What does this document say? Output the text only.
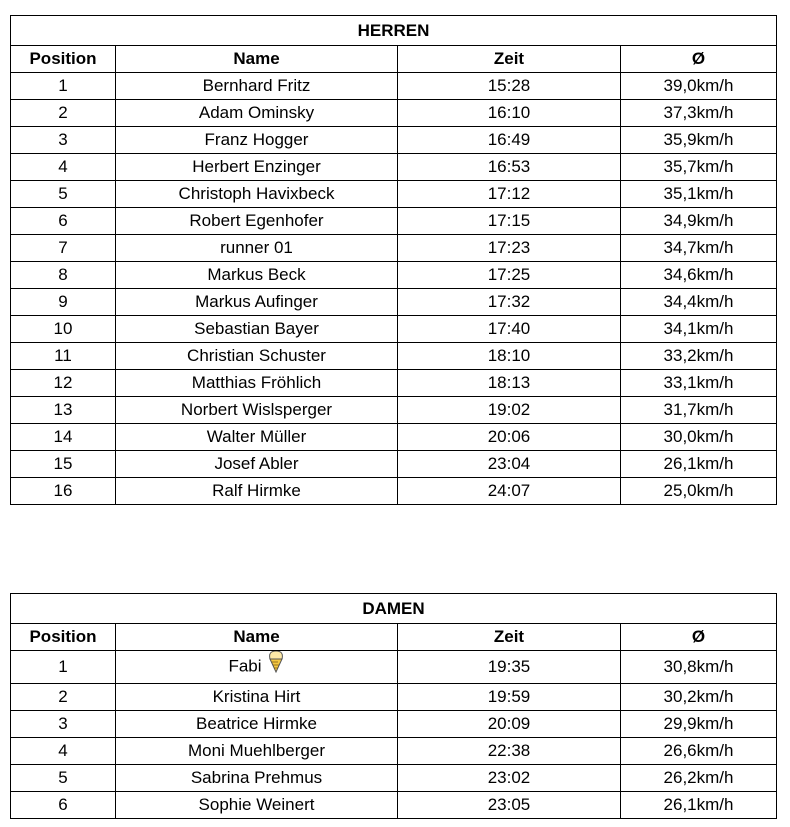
HERREN			
Position	Name	Zeit	Ø
1	Bernhard Fritz	15:28	39,0km/h
2	Adam Ominsky	16:10	37,3km/h
3	Franz Hogger	16:49	35,9km/h
4	Herbert Enzinger	16:53	35,7km/h
5	Christoph Havixbeck	17:12	35,1km/h
6	Robert Egenhofer	17:15	34,9km/h
7	runner 01	17:23	34,7km/h
8	Markus Beck	17:25	34,6km/h
9	Markus Aufinger	17:32	34,4km/h
10	Sebastian Bayer	17:40	34,1km/h
11	Christian Schuster	18:10	33,2km/h
12	Matthias Fröhlich	18:13	33,1km/h
13	Norbert Wislsperger	19:02	31,7km/h
14	Walter Müller	20:06	30,0km/h
15	Josef Abler	23:04	26,1km/h
16	Ralf Hirmke	24:07	25,0km/h
DAMEN			
Position	Name	Zeit	Ø
1	Fabi	19:35	30,8km/h
2	Kristina Hirt	19:59	30,2km/h
3	Beatrice Hirmke	20:09	29,9km/h
4	Moni Muehlberger	22:38	26,6km/h
5	Sabrina Prehmus	23:02	26,2km/h
6	Sophie Weinert	23:05	26,1km/h
